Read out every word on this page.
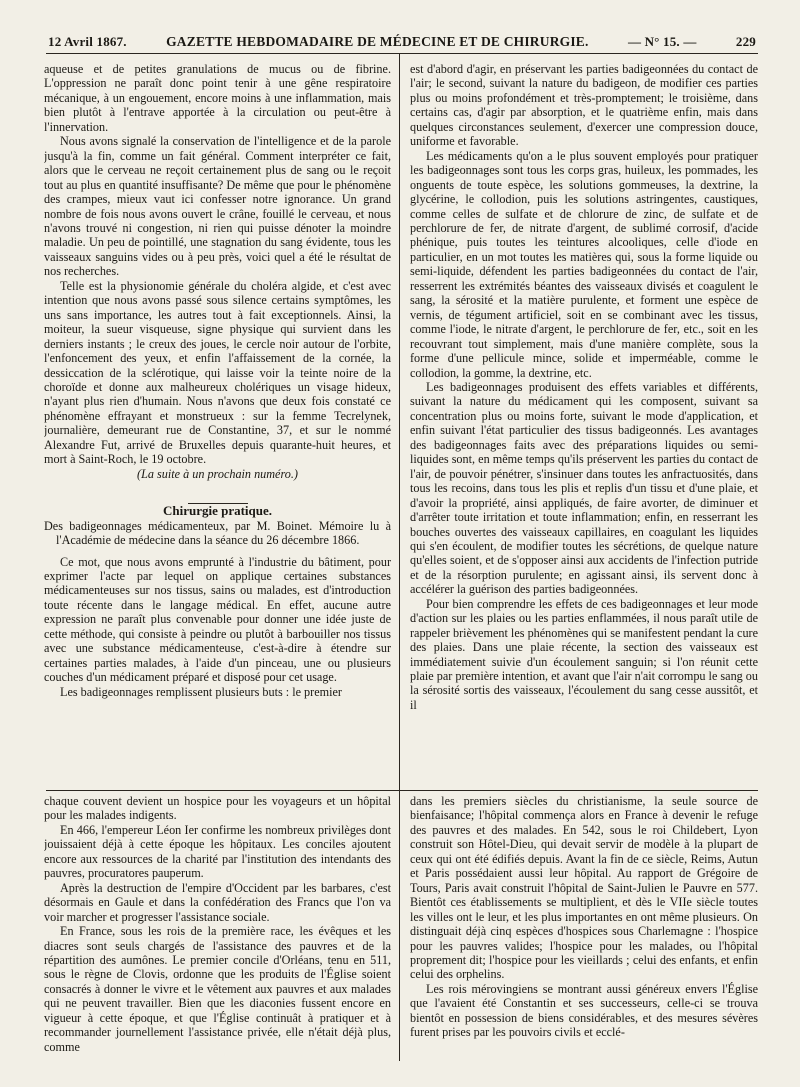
12 Avril 1867.	GAZETTE HEBDOMADAIRE DE MÉDECINE ET DE CHIRURGIE.	— N° 15. —	229

aqueuse et de petites granulations de mucus ou de fibrine. L'oppression ne paraît donc point tenir à une gêne respiratoire mécanique, à un engouement, encore moins à une inflammation, mais bien plutôt à l'entrave apportée à la circulation ou peut-être à l'innervation.

Nous avons signalé la conservation de l'intelligence et de la parole jusqu'à la fin, comme un fait général. Comment interpréter ce fait, alors que le cerveau ne reçoit certainement plus de sang ou le reçoit tout au plus en quantité insuffisante? De même que pour le phénomène des crampes, mieux vaut ici confesser notre ignorance. Un grand nombre de fois nous avons ouvert le crâne, fouillé le cerveau, et nous n'avons trouvé ni congestion, ni rien qui puisse dénoter la moindre maladie. Un peu de pointillé, une stagnation du sang évidente, tous les vaisseaux sanguins vides ou à peu près, voici quel a été le résultat de nos recherches.

Telle est la physionomie générale du choléra algide, et c'est avec intention que nous avons passé sous silence certains symptômes, les uns sans importance, les autres tout à fait exceptionnels. Ainsi, la moiteur, la sueur visqueuse, signe physique qui survient dans les derniers instants ; le creux des joues, le cercle noir autour de l'orbite, l'enfoncement des yeux, et enfin l'affaissement de la cornée, la dessiccation de la sclérotique, qui laisse voir la teinte noire de la choroïde et donne aux malheureux cholériques un visage hideux, n'ayant plus rien d'humain. Nous n'avons que deux fois constaté ce phénomène effrayant et monstrueux : sur la femme Tecrelynek, journalière, demeurant rue de Constantine, 37, et sur le nommé Alexandre Fut, arrivé de Bruxelles depuis quarante-huit heures, et mort à Saint-Roch, le 19 octobre.

(La suite à un prochain numéro.)

Chirurgie pratique.

Des badigeonnages médicamenteux, par M. Boinet. Mémoire lu à l'Académie de médecine dans la séance du 26 décembre 1866.

Ce mot, que nous avons emprunté à l'industrie du bâtiment, pour exprimer l'acte par lequel on applique certaines substances médicamenteuses sur nos tissus, sains ou malades, est d'introduction toute récente dans le langage médical. En effet, aucune autre expression ne paraît plus convenable pour donner une idée juste de cette méthode, qui consiste à peindre ou plutôt à barbouiller nos tissus avec une substance médicamenteuse, c'est-à-dire à étendre sur certaines parties malades, à l'aide d'un pinceau, une ou plusieurs couches d'un médicament préparé et disposé pour cet usage.

Les badigeonnages remplissent plusieurs buts : le premier

est d'abord d'agir, en préservant les parties badigeonnées du contact de l'air; le second, suivant la nature du badigeon, de modifier ces parties plus ou moins profondément et très-promptement; le troisième, dans certains cas, d'agir par absorption, et le quatrième enfin, mais dans quelques circonstances seulement, d'exercer une compression douce, uniforme et favorable.

Les médicaments qu'on a le plus souvent employés pour pratiquer les badigeonnages sont tous les corps gras, huileux, les pommades, les onguents de toute espèce, les solutions gommeuses, la dextrine, la glycérine, le collodion, puis les solutions astringentes, caustiques, comme celles de sulfate et de chlorure de zinc, de sulfate et de perchlorure de fer, de nitrate d'argent, de sublimé corrosif, d'acide phénique, puis toutes les teintures alcooliques, celle d'iode en particulier, en un mot toutes les matières qui, sous la forme liquide ou semi-liquide, défendent les parties badigeonnées du contact de l'air, resserrent les extrémités béantes des vaisseaux divisés et coagulent le sang, la sérosité et la matière purulente, et forment une espèce de vernis, de tégument artificiel, soit en se combinant avec les tissus, comme l'iode, le nitrate d'argent, le perchlorure de fer, etc., soit en les recouvrant tout simplement, mais d'une manière complète, sous la forme d'une pellicule mince, solide et imperméable, comme le collodion, la gomme, la dextrine, etc.

Les badigeonnages produisent des effets variables et différents, suivant la nature du médicament qui les composent, suivant sa concentration plus ou moins forte, suivant le mode d'application, et enfin suivant l'état particulier des tissus badigeonnés. Les avantages des badigeonnages faits avec des préparations liquides ou semi-liquides sont, en même temps qu'ils préservent les parties du contact de l'air, de pouvoir pénétrer, s'insinuer dans toutes les anfractuosités, dans tous les recoins, dans tous les plis et replis d'un tissu et d'une plaie, et d'avoir la propriété, ainsi appliqués, de faire avorter, de diminuer et d'arrêter toute irritation et toute inflammation; enfin, en resserrant les bouches ouvertes des vaisseaux capillaires, en coagulant les liquides qui s'en écoulent, de modifier toutes les sécrétions, de quelque nature qu'elles soient, et de s'opposer ainsi aux accidents de l'infection putride et de la résorption purulente; en agissant ainsi, ils servent donc à accélérer la guérison des parties badigeonnées.

Pour bien comprendre les effets de ces badigeonnages et leur mode d'action sur les plaies ou les parties enflammées, il nous paraît utile de rappeler brièvement les phénomènes qui se manifestent pendant la cure des plaies. Dans une plaie récente, la section des vaisseaux est immédiatement suivie d'un écoulement sanguin; si l'on réunit cette plaie par première intention, et avant que l'air n'ait corrompu le sang ou la sérosité sortis des vaisseaux, l'écoulement du sang cesse aussitôt, et il

chaque couvent devient un hospice pour les voyageurs et un hôpital pour les malades indigents.

En 466, l'empereur Léon Ier confirme les nombreux privilèges dont jouissaient déjà à cette époque les hôpitaux. Les conciles ajoutent encore aux ressources de la charité par l'institution des intendants des pauvres, procuratores pauperum.

Après la destruction de l'empire d'Occident par les barbares, c'est désormais en Gaule et dans la confédération des Francs que l'on va voir marcher et progresser l'assistance sociale.

En France, sous les rois de la première race, les évêques et les diacres sont seuls chargés de l'assistance des pauvres et de la répartition des aumônes. Le premier concile d'Orléans, tenu en 511, sous le règne de Clovis, ordonne que les produits de l'Église soient consacrés à donner le vivre et le vêtement aux pauvres et aux malades qui ne peuvent travailler. Bien que les diaconies fussent encore en vigueur à cette époque, et que l'Église continuât à pratiquer et à recommander journellement l'assistance privée, elle n'était déjà plus, comme

dans les premiers siècles du christianisme, la seule source de bienfaisance; l'hôpital commença alors en France à devenir le refuge des pauvres et des malades. En 542, sous le roi Childebert, Lyon construit son Hôtel-Dieu, qui devait servir de modèle à la plupart de ceux qui ont été édifiés depuis. Avant la fin de ce siècle, Reims, Autun et Paris possédaient aussi leur hôpital. Au rapport de Grégoire de Tours, Paris avait construit l'hôpital de Saint-Julien le Pauvre en 577. Bientôt ces établissements se multiplient, et dès le VIIe siècle toutes les villes ont le leur, et les plus importantes en ont même plusieurs. On distinguait déjà cinq espèces d'hospices sous Charlemagne : l'hospice pour les pauvres valides; l'hospice pour les malades, ou l'hôpital proprement dit; l'hospice pour les vieillards ; celui des enfants, et enfin celui des orphelins.

Les rois mérovingiens se montrant aussi généreux envers l'Église que l'avaient été Constantin et ses successeurs, celle-ci se trouva bientôt en possession de biens considérables, et des mesures sévères furent prises par les pouvoirs civils et ecclé-
